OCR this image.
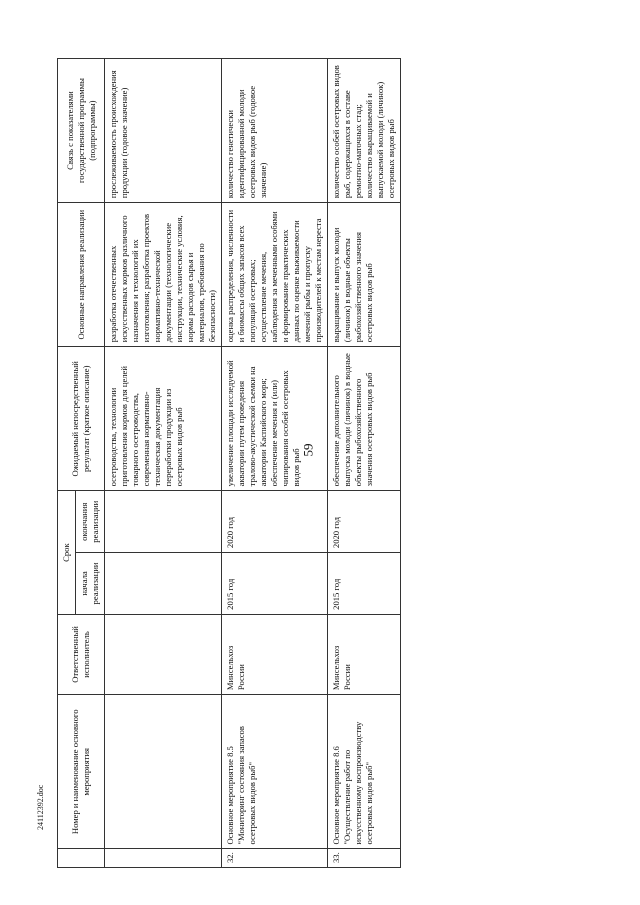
59
24112392.doc
		Номер и наименование основного мероприятия	Ответственный исполнитель	Срок		Ожидаемый непосредственный результат (краткое описание)	Основные направления реализации	Связь с показателями государственной программы (подпрограммы)
			начала реализации	окончания реализации			
					осетроводства, технологии приготовления кормов для целей товарного осетроводства, современная нормативно-техническая документация переработки продукции из осетровых видов рыб	разработка отечественных искусственных кормов различного назначения и технологий их изготовления; разработка проектов нормативно-технической документации (технологические инструкции, технические условия, нормы расходов сырья и материалов, требования по безопасности)	прослеживаемость происхождения продукции (годовое значение)
32.	Основное мероприятие 8.5 "Мониторинг состояния запасов осетровых видов рыб"	Минсельхоз России	2015 год	2020 год	увеличение площади исследуемой акватории путем проведения тралово-акустической съемки на акватории Каспийского моря; обеспечение мечения и (или) чипирования особей осетровых видов рыб	оценка распределения, численности и биомассы общих запасов всех популяций осетровых; осуществление мечения, наблюдения за меченными особями и формирование практических данных по оценке выживаемости меченой рыбы и пропуску производителей к местам нереста	количество генетически идентифицированной молоди осетровых видов рыб (годовое значение)
33.	Основное мероприятие 8.6 "Осуществление работ по искусственному воспроизводству осетровых видов рыб"	Минсельхоз России	2015 год	2020 год	обеспечение дополнительного выпуска молоди (личинок) в водные объекты рыбохозяйственного значения осетровых видов рыб	выращивание и выпуск молоди (личинок) в водные объекты рыбохозяйственного значения осетровых видов рыб	количество особей осетровых видов рыб, содержащихся в составе ремонтно-маточных стад; количество выращиваемой и выпускаемой молоди (личинок) осетровых видов рыб
